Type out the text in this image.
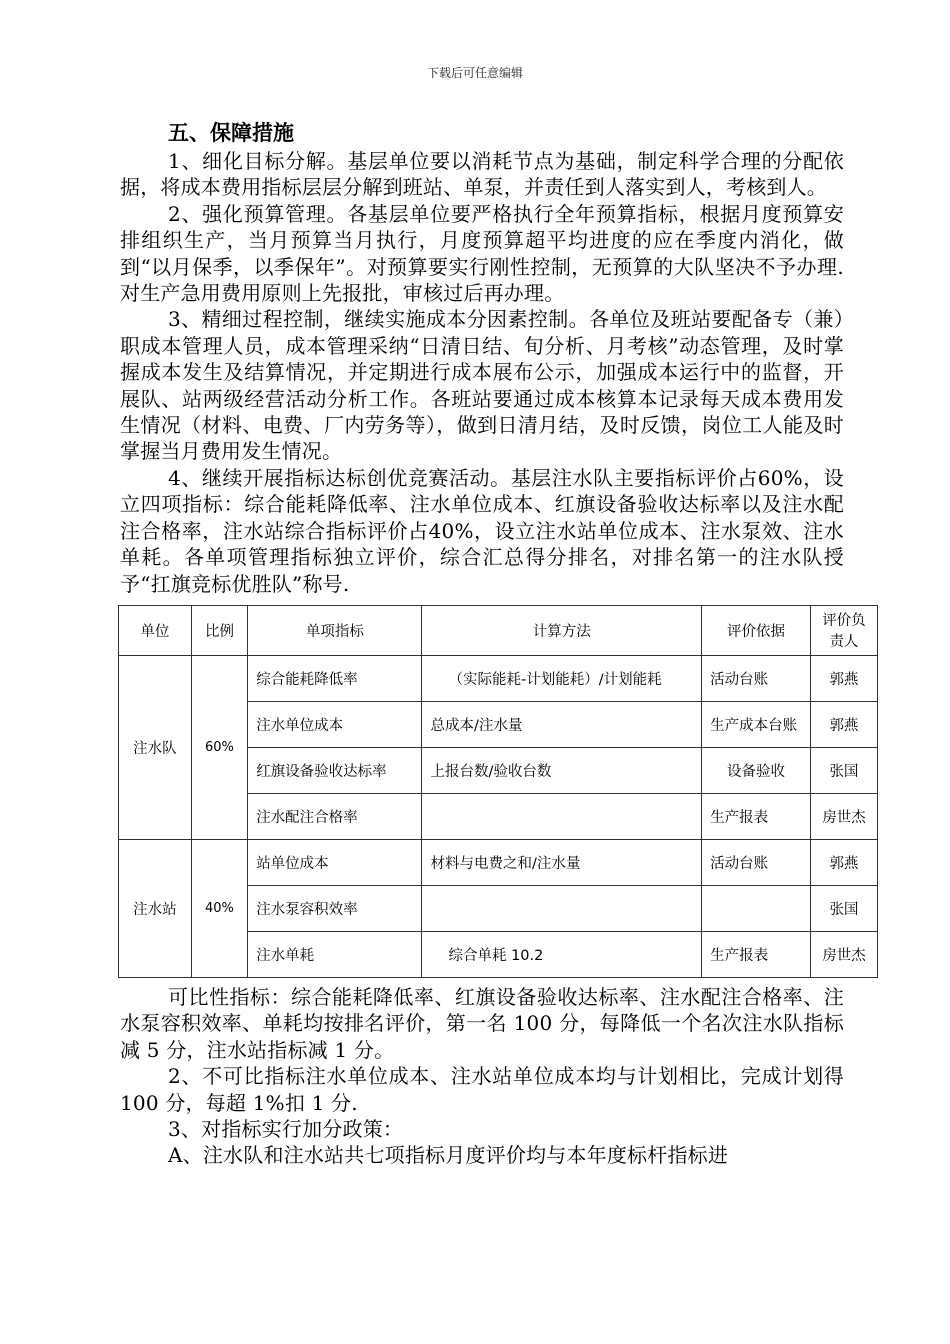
下载后可任意编辑
五、保障措施

1、细化目标分解。基层单位要以消耗节点为基础，制定科学合理的分配依据，将成本费用指标层层分解到班站、单泵，并责任到人落实到人，考核到人。

2、强化预算管理。各基层单位要严格执行全年预算指标，根据月度预算安排组织生产，当月预算当月执行，月度预算超平均进度的应在季度内消化，做到“以月保季，以季保年”。对预算要实行刚性控制，无预算的大队坚决不予办理.对生产急用费用原则上先报批，审核过后再办理。

3、精细过程控制，继续实施成本分因素控制。各单位及班站要配备专（兼）职成本管理人员，成本管理采纳“日清日结、旬分析、月考核”动态管理，及时掌握成本发生及结算情况，并定期进行成本展布公示，加强成本运行中的监督，开展队、站两级经营活动分析工作。各班站要通过成本核算本记录每天成本费用发生情况（材料、电费、厂内劳务等），做到日清月结，及时反馈，岗位工人能及时掌握当月费用发生情况。

4、继续开展指标达标创优竞赛活动。基层注水队主要指标评价占60%，设立四项指标：综合能耗降低率、注水单位成本、红旗设备验收达标率以及注水配注合格率，注水站综合指标评价占40%，设立注水站单位成本、注水泵效、注水单耗。各单项管理指标独立评价，综合汇总得分排名，对排名第一的注水队授予“扛旗竞标优胜队”称号.

单位	比例	单项指标	计算方法	评价依据	评价负责人
注水队	60%	综合能耗降低率	（实际能耗-计划能耗）/计划能耗	活动台账	郭燕
		注水单位成本	总成本/注水量	生产成本台账	郭燕
		红旗设备验收达标率	上报台数/验收台数	设备验收	张国
		注水配注合格率		生产报表	房世杰
注水站	40%	站单位成本	材料与电费之和/注水量	活动台账	郭燕
		注水泵容积效率			张国
		注水单耗	综合单耗 10.2	生产报表	房世杰

可比性指标：综合能耗降低率、红旗设备验收达标率、注水配注合格率、注水泵容积效率、单耗均按排名评价，第一名 100 分，每降低一个名次注水队指标减 5 分，注水站指标减 1 分。

2、不可比指标注水单位成本、注水站单位成本均与计划相比，完成计划得 100 分，每超 1%扣 1 分.

3、对指标实行加分政策：

A、注水队和注水站共七项指标月度评价均与本年度标杆指标进
